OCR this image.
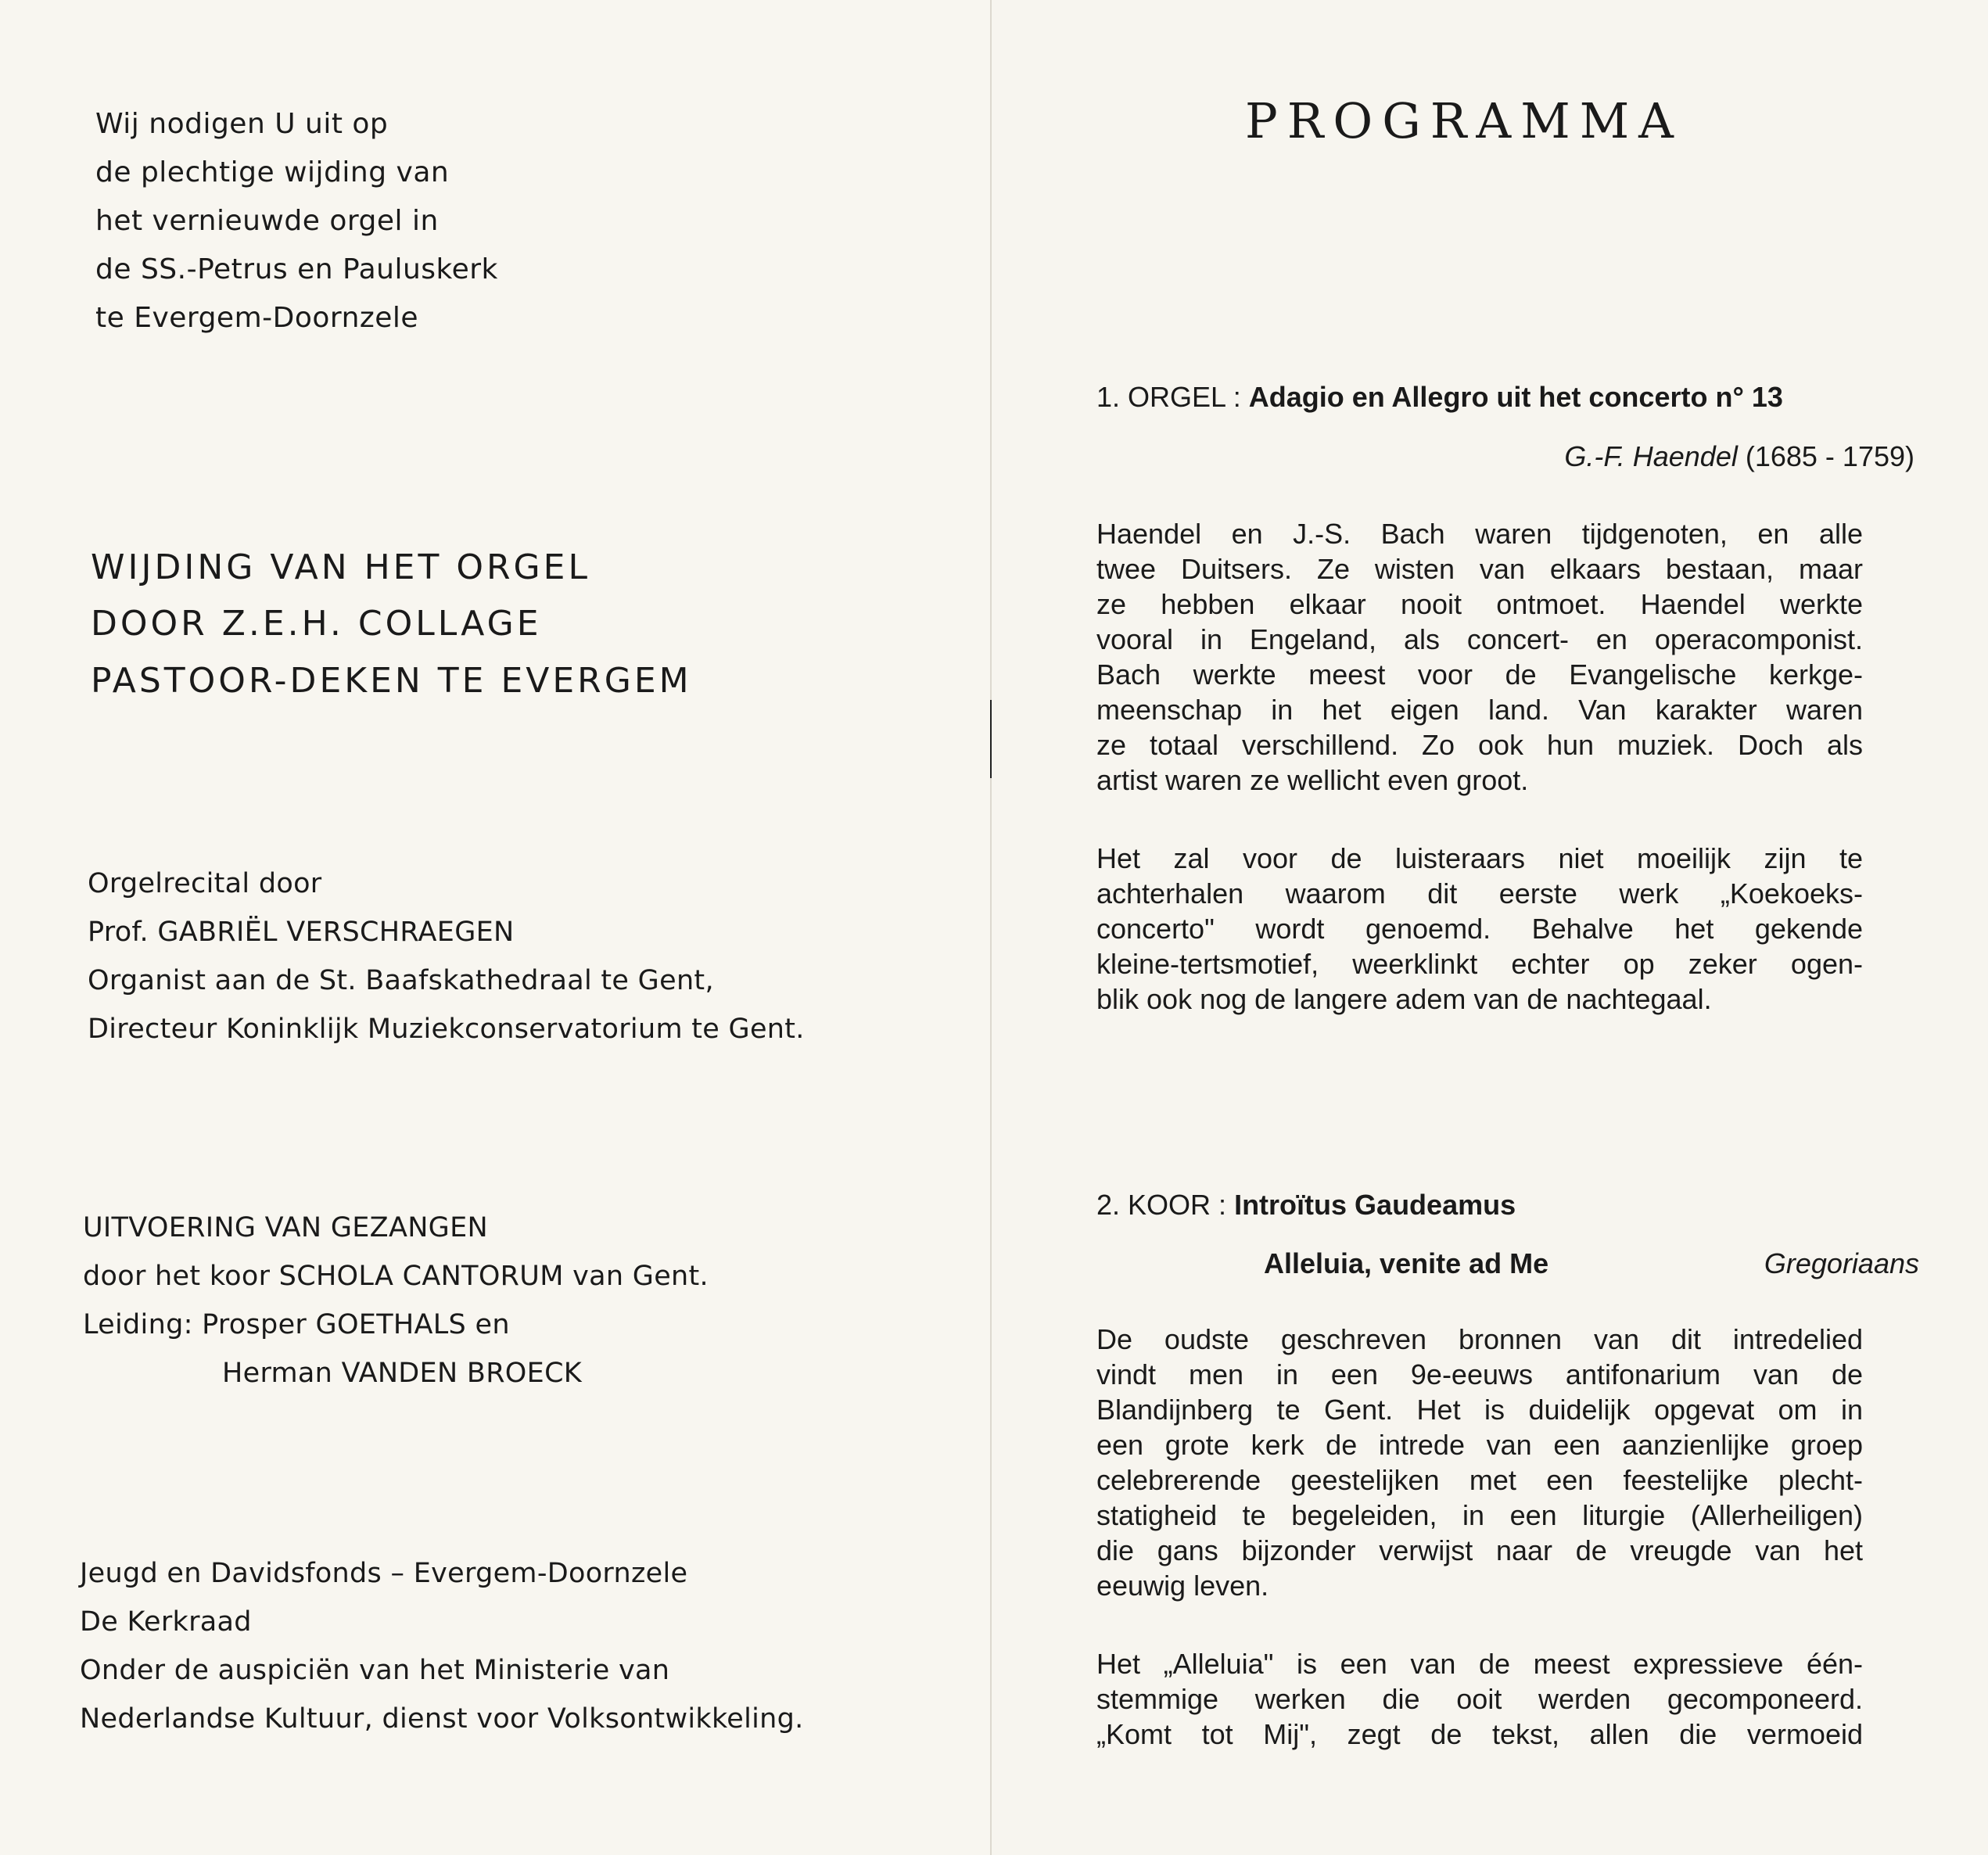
Wij nodigen U uit op
de plechtige wijding van
het vernieuwde orgel in
de SS.-Petrus en Pauluskerk
te Evergem-Doornzele
WIJDING VAN HET ORGEL
DOOR Z.E.H. COLLAGE
PASTOOR-DEKEN TE EVERGEM
Orgelrecital door
Prof. GABRIËL VERSCHRAEGEN
Organist aan de St. Baafskathedraal te Gent,
Directeur Koninklijk Muziekconservatorium te Gent.
UITVOERING VAN GEZANGEN
door het koor SCHOLA CANTORUM van Gent.
Leiding: Prosper GOETHALS en
Herman VANDEN BROECK
Jeugd en Davidsfonds – Evergem-Doornzele
De Kerkraad
Onder de auspiciën van het Ministerie van
Nederlandse Kultuur, dienst voor Volksontwikkeling.
PROGRAMMA
1. ORGEL : Adagio en Allegro uit het concerto n° 13
G.-F. Haendel (1685 - 1759)
Haendel en J.-S. Bach waren tijdgenoten, en alle
twee Duitsers. Ze wisten van elkaars bestaan, maar
ze hebben elkaar nooit ontmoet. Haendel werkte
vooral in Engeland, als concert- en operacomponist.
Bach werkte meest voor de Evangelische kerkge-
meenschap in het eigen land. Van karakter waren
ze totaal verschillend. Zo ook hun muziek. Doch als
artist waren ze wellicht even groot.
Het zal voor de luisteraars niet moeilijk zijn te
achterhalen waarom dit eerste werk „Koekoeks-
concerto" wordt genoemd. Behalve het gekende
kleine-tertsmotief, weerklinkt echter op zeker ogen-
blik ook nog de langere adem van de nachtegaal.
2. KOOR : Introïtus Gaudeamus
Alleluia, venite ad Me	Gregoriaans
De oudste geschreven bronnen van dit intredelied
vindt men in een 9e-eeuws antifonarium van de
Blandijnberg te Gent. Het is duidelijk opgevat om in
een grote kerk de intrede van een aanzienlijke groep
celebrerende geestelijken met een feestelijke plecht-
statigheid te begeleiden, in een liturgie (Allerheiligen)
die gans bijzonder verwijst naar de vreugde van het
eeuwig leven.
Het „Alleluia" is een van de meest expressieve één-
stemmige werken die ooit werden gecomponeerd.
„Komt tot Mij", zegt de tekst, allen die vermoeid
